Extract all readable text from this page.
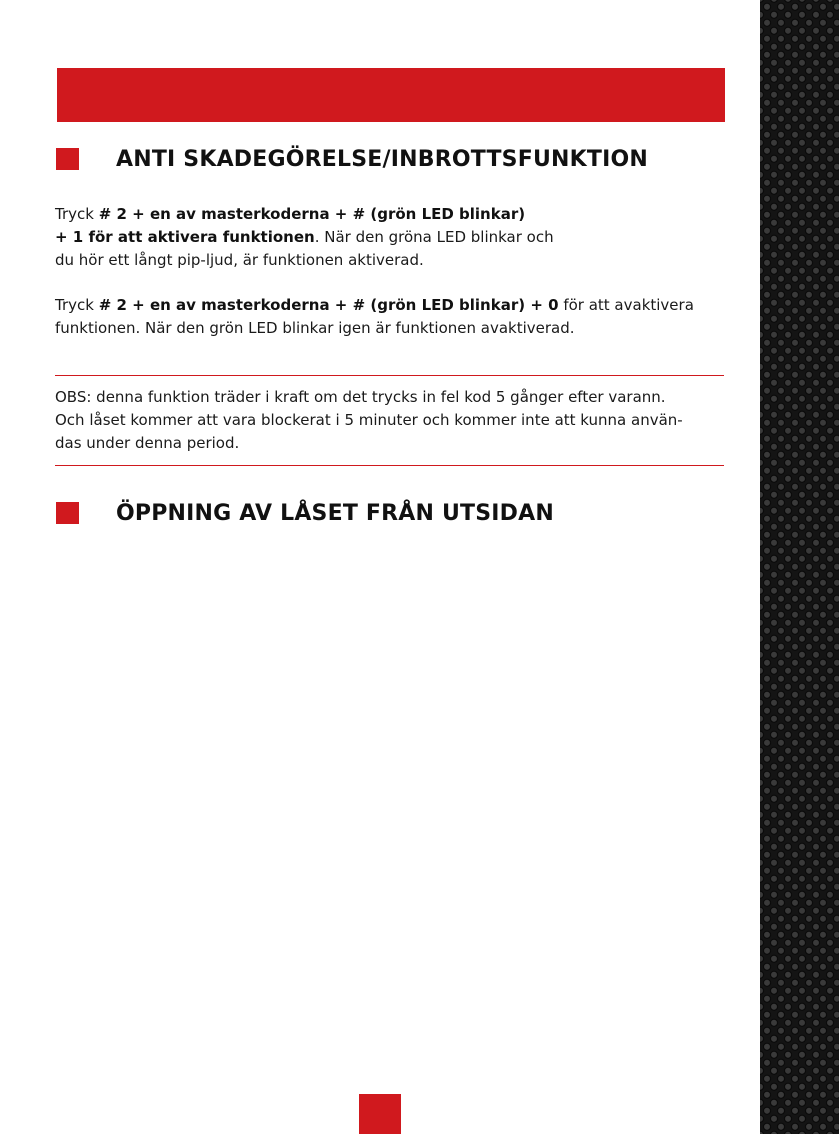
ANTI SKADEGÖRELSE/INBROTTSFUNKTION

Tryck # 2 + en av masterkoderna + # (grön LED blinkar)
+ 1 för att aktivera funktionen. När den gröna LED blinkar och
du hör ett långt pip-ljud, är funktionen aktiverad.

Tryck # 2 + en av masterkoderna + # (grön LED blinkar) + 0 för att avaktivera
funktionen. När den grön LED blinkar igen är funktionen avaktiverad.

OBS: denna funktion träder i kraft om det trycks in fel kod 5 gånger efter varann.
Och låset kommer att vara blockerat i 5 minuter och kommer inte att kunna använ-
das under denna period.

ÖPPNING AV LÅSET FRÅN UTSIDAN
